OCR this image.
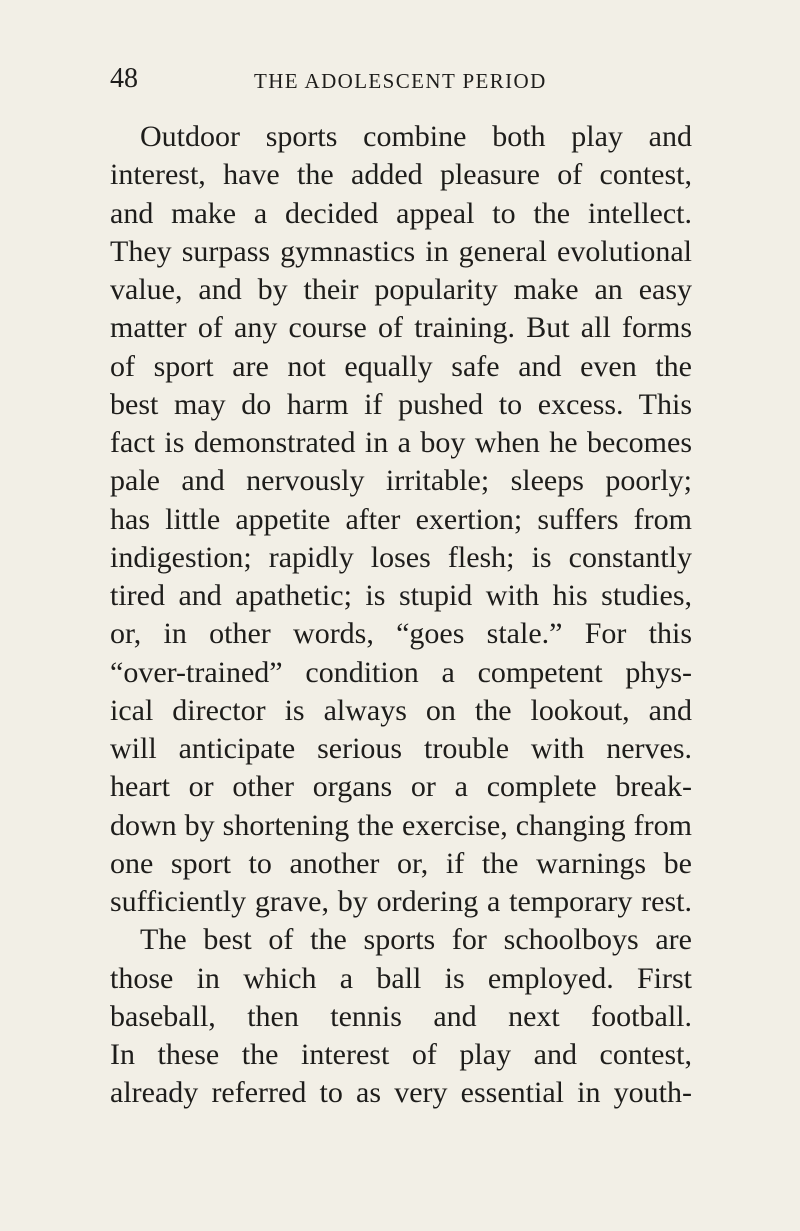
48	THE ADOLESCENT PERIOD
Outdoor sports combine both play and
interest, have the added pleasure of contest,
and make a decided appeal to the intellect.
They surpass gymnastics in general evolutional
value, and by their popularity make an easy
matter of any course of training. But all forms
of sport are not equally safe and even the
best may do harm if pushed to excess. This
fact is demonstrated in a boy when he becomes
pale and nervously irritable; sleeps poorly;
has little appetite after exertion; suffers from
indigestion; rapidly loses flesh; is constantly
tired and apathetic; is stupid with his studies,
or, in other words, “goes stale.” For this
“over-trained” condition a competent phys-
ical director is always on the lookout, and
will anticipate serious trouble with nerves.
heart or other organs or a complete break-
down by shortening the exercise, changing from
one sport to another or, if the warnings be
sufficiently grave, by ordering a temporary rest.
The best of the sports for schoolboys are
those in which a ball is employed. First
baseball, then tennis and next football.
In these the interest of play and contest,
already referred to as very essential in youth-
